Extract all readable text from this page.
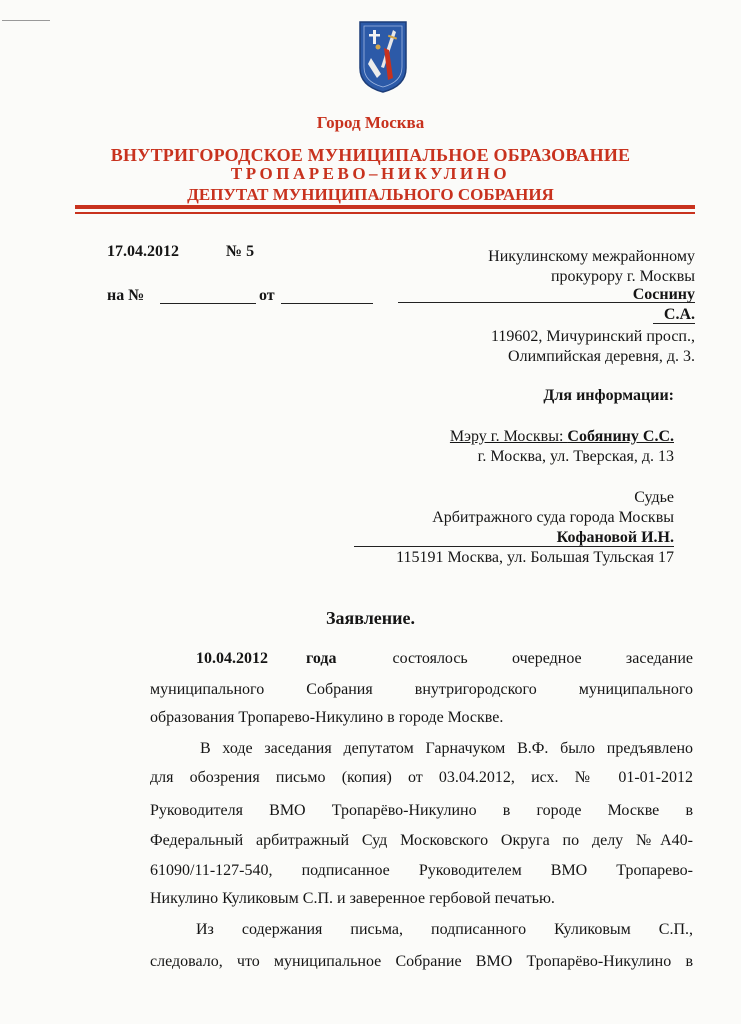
Город Москва
ВНУТРИГОРОДСКОЕ МУНИЦИПАЛЬНОЕ ОБРАЗОВАНИЕ
ТРОПАРЕВО–НИКУЛИНО
ДЕПУТАТ МУНИЦИПАЛЬНОГО СОБРАНИЯ
17.04.2012	№ 5
на №	от
Никулинскому межрайонному
прокурору г. Москвы
Соснину
С.А.
119602, Мичуринский просп.,
Олимпийская деревня, д. 3.
Для информации:
Мэру г. Москвы: Собянину С.С.
г. Москва, ул. Тверская, д. 13
Судье
Арбитражного суда города Москвы
Кофановой И.Н.
115191 Москва, ул. Большая Тульская 17
Заявление.
10.04.2012 года	состоялось очередное заседание
муниципального Собрания внутригородского муниципального
образования Тропарево-Никулино в городе Москве.
В ходе заседания депутатом Гарначуком В.Ф. было предъявлено
для обозрения письмо (копия) от 03.04.2012, исх. № 01-01-2012
Руководителя ВМО Тропарёво-Никулино в городе Москве в
Федеральный арбитражный Суд Московского Округа по делу №А40-
61090/11-127-540, подписанное Руководителем ВМО Тропарево-
Никулино Куликовым С.П. и заверенное гербовой печатью.
Из содержания письма, подписанного Куликовым С.П.,
следовало, что муниципальное Собрание ВМО Тропарёво-Никулино в
